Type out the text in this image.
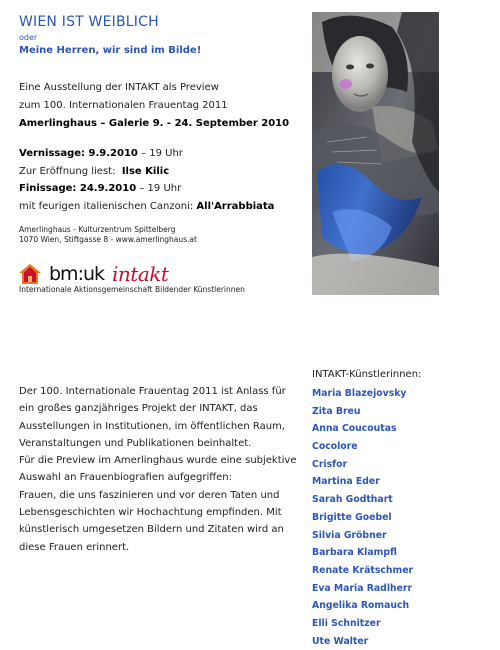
WIEN IST WEIBLICH
oder
Meine Herren, wir sind im Bilde!
Eine Ausstellung der INTAKT als Preview
zum 100. Internationalen Frauentag 2011
Amerlinghaus – Galerie 9. - 24. September 2010
Vernissage: 9.9.2010 – 19 Uhr
Zur Eröffnung liest: Ilse Kilic
Finissage: 24.9.2010 – 19 Uhr
mit feurigen italienischen Canzoni: All'Arrabbiata
Amerlinghaus - Kulturzentrum Spittelberg
1070 Wien, Stiftgasse 8 - www.amerlinghaus.at
bm:uk intakt
Internationale Aktionsgemeinschaft Bildender Künstlerinnen

Der 100. Internationale Frauentag 2011 ist Anlass für ein großes ganzjähriges Projekt der INTAKT, das Ausstellungen in Institutionen, im öffentlichen Raum, Veranstaltungen und Publikationen beinhaltet.

Für die Preview im Amerlinghaus wurde eine subjektive Auswahl an Frauenbiografien aufgegriffen:

Frauen, die uns faszinieren und vor deren Taten und Lebensgeschichten wir Hochachtung empfinden. Mit künstlerisch umgesetzen Bildern und Zitaten wird an diese Frauen erinnert.

INTAKT-Künstlerinnen:
Maria Blazejovsky
Zita Breu
Anna Coucoutas
Cocolore
Crisfor
Martina Eder
Sarah Godthart
Brigitte Goebel
Silvia Gröbner
Barbara Klampfl
Renate Krätschmer
Eva Maria Radlherr
Angelika Romauch
Elli Schnitzer
Ute Walter
